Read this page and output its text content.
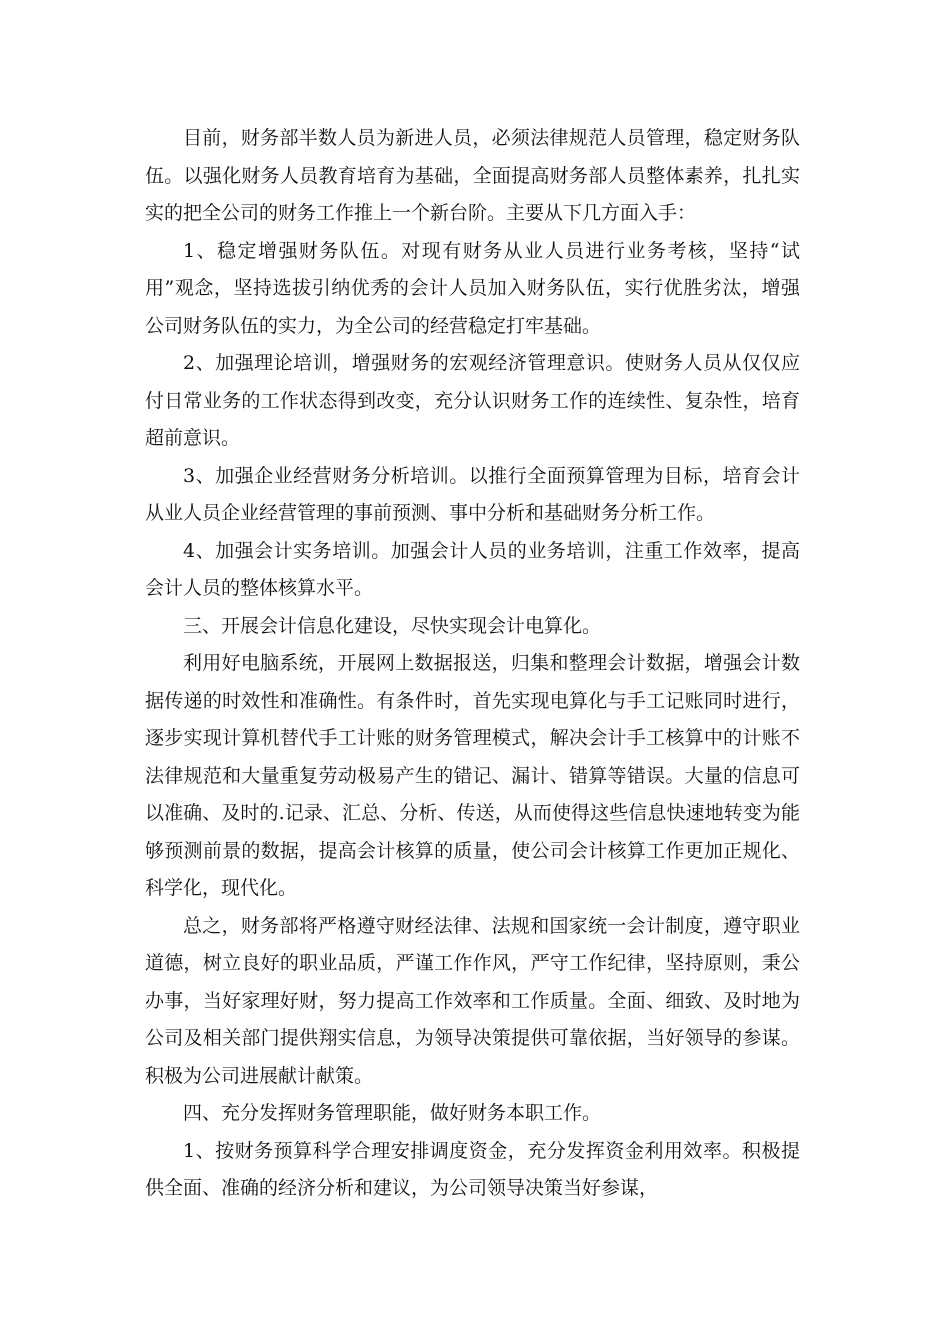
目前，财务部半数人员为新进人员，必须法律规范人员管理，稳定财务队伍。以强化财务人员教育培育为基础，全面提高财务部人员整体素养，扎扎实实的把全公司的财务工作推上一个新台阶。主要从下几方面入手：

1、稳定增强财务队伍。对现有财务从业人员进行业务考核，坚持“试用”观念，坚持选拔引纳优秀的会计人员加入财务队伍，实行优胜劣汰，增强公司财务队伍的实力，为全公司的经营稳定打牢基础。

2、加强理论培训，增强财务的宏观经济管理意识。使财务人员从仅仅应付日常业务的工作状态得到改变，充分认识财务工作的连续性、复杂性，培育超前意识。

3、加强企业经营财务分析培训。以推行全面预算管理为目标，培育会计从业人员企业经营管理的事前预测、事中分析和基础财务分析工作。

4、加强会计实务培训。加强会计人员的业务培训，注重工作效率，提高会计人员的整体核算水平。

三、开展会计信息化建设，尽快实现会计电算化。

利用好电脑系统，开展网上数据报送，归集和整理会计数据，增强会计数据传递的时效性和准确性。有条件时，首先实现电算化与手工记账同时进行，逐步实现计算机替代手工计账的财务管理模式，解决会计手工核算中的计账不法律规范和大量重复劳动极易产生的错记、漏计、错算等错误。大量的信息可以准确、及时的.记录、汇总、分析、传送，从而使得这些信息快速地转变为能够预测前景的数据，提高会计核算的质量，使公司会计核算工作更加正规化、科学化，现代化。

总之，财务部将严格遵守财经法律、法规和国家统一会计制度，遵守职业道德，树立良好的职业品质，严谨工作作风，严守工作纪律，坚持原则，秉公办事，当好家理好财，努力提高工作效率和工作质量。全面、细致、及时地为公司及相关部门提供翔实信息，为领导决策提供可靠依据，当好领导的参谋。积极为公司进展献计献策。

四、充分发挥财务管理职能，做好财务本职工作。

1、按财务预算科学合理安排调度资金，充分发挥资金利用效率。积极提供全面、准确的经济分析和建议，为公司领导决策当好参谋，
